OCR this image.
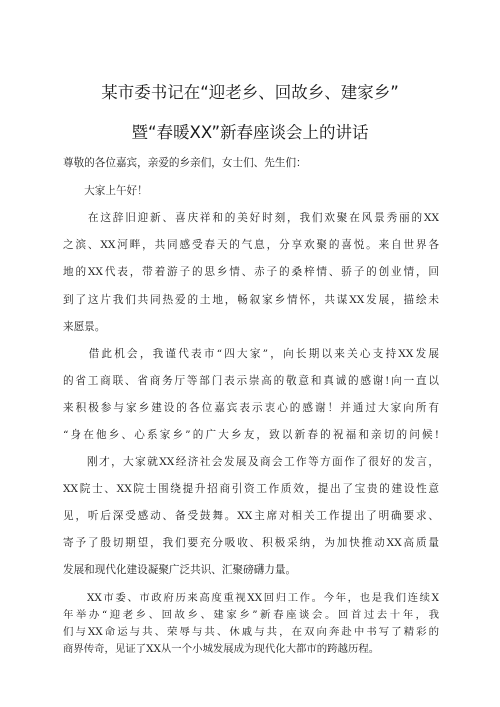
某市委书记在“迎老乡、回故乡、建家乡”
暨“春暖XX”新春座谈会上的讲话
尊敬的各位嘉宾，亲爱的乡亲们，女士们、先生们：
　　大家上午好！
　　在这辞旧迎新、喜庆祥和的美好时刻，我们欢聚在风景秀丽的XX
之滨、XX河畔，共同感受春天的气息，分享欢聚的喜悦。来自世界各
地的XX代表，带着游子的思乡情、赤子的桑梓情、骄子的创业情，回
到了这片我们共同热爱的土地，畅叙家乡情怀，共谋XX发展，描绘未
来愿景。
　　借此机会，我谨代表市“四大家”，向长期以来关心支持XX发展
的省工商联、省商务厅等部门表示崇高的敬意和真诚的感谢!向一直以
来积极参与家乡建设的各位嘉宾表示衷心的感谢！并通过大家向所有
“身在他乡、心系家乡”的广大乡友，致以新春的祝福和亲切的问候!
　　刚才，大家就XX经济社会发展及商会工作等方面作了很好的发言，
XX院士、XX院士围绕提升招商引资工作质效，提出了宝贵的建设性意
见，听后深受感动、备受鼓舞。XX主席对相关工作提出了明确要求、
寄予了殷切期望，我们要充分吸收、积极采纳，为加快推动XX高质量
发展和现代化建设凝聚广泛共识、汇聚磅礴力量。
　　XX市委、市政府历来高度重视XX回归工作。今年，也是我们连续X
年举办“迎老乡、回故乡、建家乡”新春座谈会。回首过去十年，我
们与XX命运与共、荣辱与共、休戚与共，在双向奔赴中书写了精彩的
商界传奇，见证了XX从一个小城发展成为现代化大都市的跨越历程。
